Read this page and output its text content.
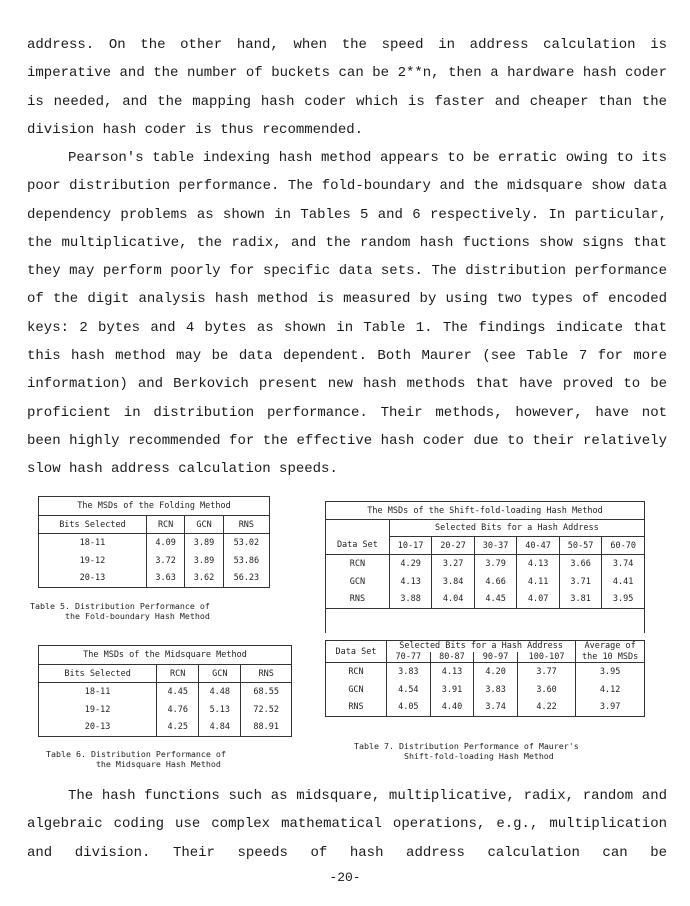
address. On the other hand, when the speed in address calculation is imperative and the number of buckets can be 2**n, then a hardware hash coder is needed, and the mapping hash coder which is faster and cheaper than the division hash coder is thus recommended.

Pearson's table indexing hash method appears to be erratic owing to its poor distribution performance. The fold-boundary and the midsquare show data dependency problems as shown in Tables 5 and 6 respectively. In particular, the multiplicative, the radix, and the random hash fuctions show signs that they may perform poorly for specific data sets. The distribution performance of the digit analysis hash method is measured by using two types of encoded keys: 2 bytes and 4 bytes as shown in Table 1. The findings indicate that this hash method may be data dependent. Both Maurer (see Table 7 for more information) and Berkovich present new hash methods that have proved to be proficient in distribution performance. Their methods, however, have not been highly recommended for the effective hash coder due to their relatively slow hash address calculation speeds.

The MSDs of the Folding Method			
Bits Selected	RCN	GCN	RNS
18-11	4.09	3.89	53.02
19-12	3.72	3.89	53.86
20-13	3.63	3.62	56.23
Table 5. Distribution Performance of
the Fold-boundary Hash Method
The MSDs of the Midsquare Method			
Bits Selected	RCN	GCN	RNS
18-11	4.45	4.48	68.55
19-12	4.76	5.13	72.52
20-13	4.25	4.84	88.91
Table 6. Distribution Performance of
the Midsquare Hash Method
The MSDs of the Shift-fold-loading Hash Method						
	Selected Bits for a Hash Address					
Data Set	10-17	20-27	30-37	40-47	50-57	60-70
RCN	4.29	3.27	3.79	4.13	3.66	3.74
GCN	4.13	3.84	4.66	4.11	3.71	4.41
RNS	3.88	4.04	4.45	4.07	3.81	3.95

Data Set	Selected Bits for a Hash Address				Average of
	70-77	80-87	90-97	100-107	the 10 MSDs
RCN	3.83	4.13	4.20	3.77	3.95
GCN	4.54	3.91	3.83	3.60	4.12
RNS	4.05	4.40	3.74	4.22	3.97
Table 7. Distribution Performance of Maurer's
Shift-fold-loading Hash Method

The hash functions such as midsquare, multiplicative, radix, random and algebraic coding use complex mathematical operations, e.g., multiplication and division. Their speeds of hash address calculation can be

-20-
